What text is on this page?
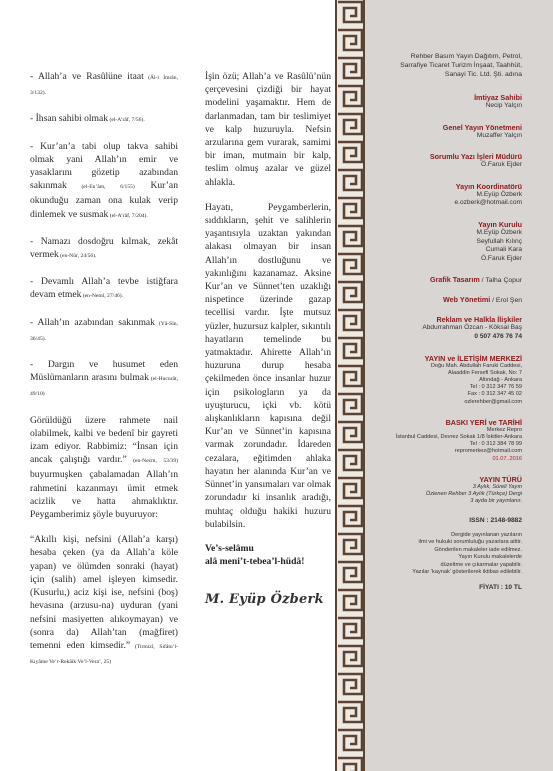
- Allah’a ve Rasûlüne itaat (Âl-i İmrân, 3/132).

- İhsan sahibi olmak (el-A’râf, 7/56).

- Kur’an’a tabi olup takva sahibi olmak yani Allah’ın emir ve yasaklarını gözetip azabından sakınmak (el-En’âm, 6/155) Kur’an okunduğu zaman ona kulak verip dinlemek ve susmak (el-A’râf, 7/204).

- Namazı dosdoğru kılmak, zekât vermek (en-Nûr, 24/56).

- Devamlı Allah’a tevbe istiğfara devam etmek (en-Neml, 27/46).

- Allah’ın azabından sakınmak (Yâ-Sîn, 36/45).

- Dargın ve husumet eden Müslümanların arasını bulmak (el-Hucurât, 49/10)

Görüldüğü üzere rahmete nail olabilmek, kalbi ve bedenî bir gayreti izam ediyor. Rabbimiz: “İnsan için ancak çalıştığı vardır.” (en-Necm, 53/39) buyurmuşken çabalamadan Allah’ın rahmetini kazanmayı ümit etmek acizlik ve hatta ahmaklıktır. Peygamberimiz şöyle buyuruyor:

“Akıllı kişi, nefsini (Allah’a karşı) hesaba çeken (ya da Allah’a köle yapan) ve ölümden sonraki (hayat) için (salih) amel işleyen kimsedir. (Kusurlu,) aciz kişi ise, nefsini (boş) hevasına (arzusu-na) uyduran (yani nefsini masiyetten alıkoymayan) ve (sonra da) Allah’tan (mağfiret) temenni eden kimsedir.” (Tirmizî, Sıfâtu’l-Kıyâme Ve’r-Rekâik Ve’l-Vera’, 25)

İşin özü; Allah’a ve Rasûlü’nün çerçevesini çizdiği bir hayat modelini yaşamaktır. Hem de darlanmadan, tam bir teslimiyet ve kalp huzuruyla. Nefsin arzularına gem vurarak, samimi bir iman, mutmain bir kalp, teslim olmuş azalar ve güzel ahlakla.

Hayatı, Peygamberlerin, sıddıkların, şehit ve salihlerin yaşantısıyla uzaktan yakından alakası olmayan bir insan Allah’ın dostluğunu ve yakınlığını kazanamaz. Aksine Kur’an ve Sünnet’ten uzaklığı nispetince üzerinde gazap tecellisi vardır. İşte mutsuz yüzler, huzursuz kalpler, sıkıntılı hayatların temelinde bu yatmaktadır. Ahirette Allah’ın huzuruna durup hesaba çekilmeden önce insanlar huzur için psikologların ya da uyuşturucu, içki vb. kötü alışkanlıkların kapısına değil Kur’an ve Sünnet’in kapısına varmak zorundadır. İdareden cezalara, eğitimden ahlaka hayatın her alanında Kur’an ve Sünnet’in yansımaları var olmak zorundadır ki insanlık aradığı, muhtaç olduğu hakiki huzuru bulabilsin.

Ve’s-selâmu
alâ meni’t-tebea’l-hüdâ!
M. Eyüp Özberk
Rehber Basım Yayın Dağıtım, Petrol,
Sarrafiye Ticaret Turizm İnşaat, Taahhüt,
Sanayi Tic. Ltd. Şti. adına
İmtiyaz Sahibi
Necip Yalçın
Genel Yayın Yönetmeni
Muzaffer Yalçın
Sorumlu Yazı İşleri Müdürü
Ö.Faruk Ejder
Yayın Koordinatörü
M.Eyüp Özberk
e.ozberk@hotmail.com
Yayın Kurulu
M.Eyüp Özberk
Seyfullah Kılınç
Cumali Kara
Ö.Faruk Ejder
Grafik Tasarım / Talha Çopur
Web Yönetimi / Erol Şen
Reklam ve Halkla İlişkiler
Abdurrahman Özcan - Köksal Baş
0 507 476 76 74
YAYIN ve İLETİŞİM MERKEZİ
Doğu Mah. Abdullah Faruki Caddesi,
Alaaddin Fersefi Sokak, No: 7
Altındağ - Ankara
Tel : 0 312 347 76 59
Fax : 0 312 347 45 02
ozlerehber@gmail.com
BASKI YERİ ve TARİHİ
Merkez Repro
İstanbul Caddesi, Devrez Sokak 1/8 İskitler-Ankara
Tel : 0 312 384 78 99
repromerkez@hotmail.com
01.07..2016
YAYIN TÜRÜ
3 Aylık, Süreli Yayın
Özlenen Rehber 3 Aylık (Türkçe) Dergi
3 ayda bir yayınlanır.
ISSN : 2148-9882
Dergide yayınlanan yazıların
ilmi ve hukuki sorumluluğu yazarlara aittir.
Gönderilen makaleler iade edilmez.
Yayın Kurulu makalelerde
düzeltme ve çıkarmalar yapabilir.
Yazılar ‘kaynak’ gösterilerek iktibas edilebilir.
FİYATI : 10 TL
